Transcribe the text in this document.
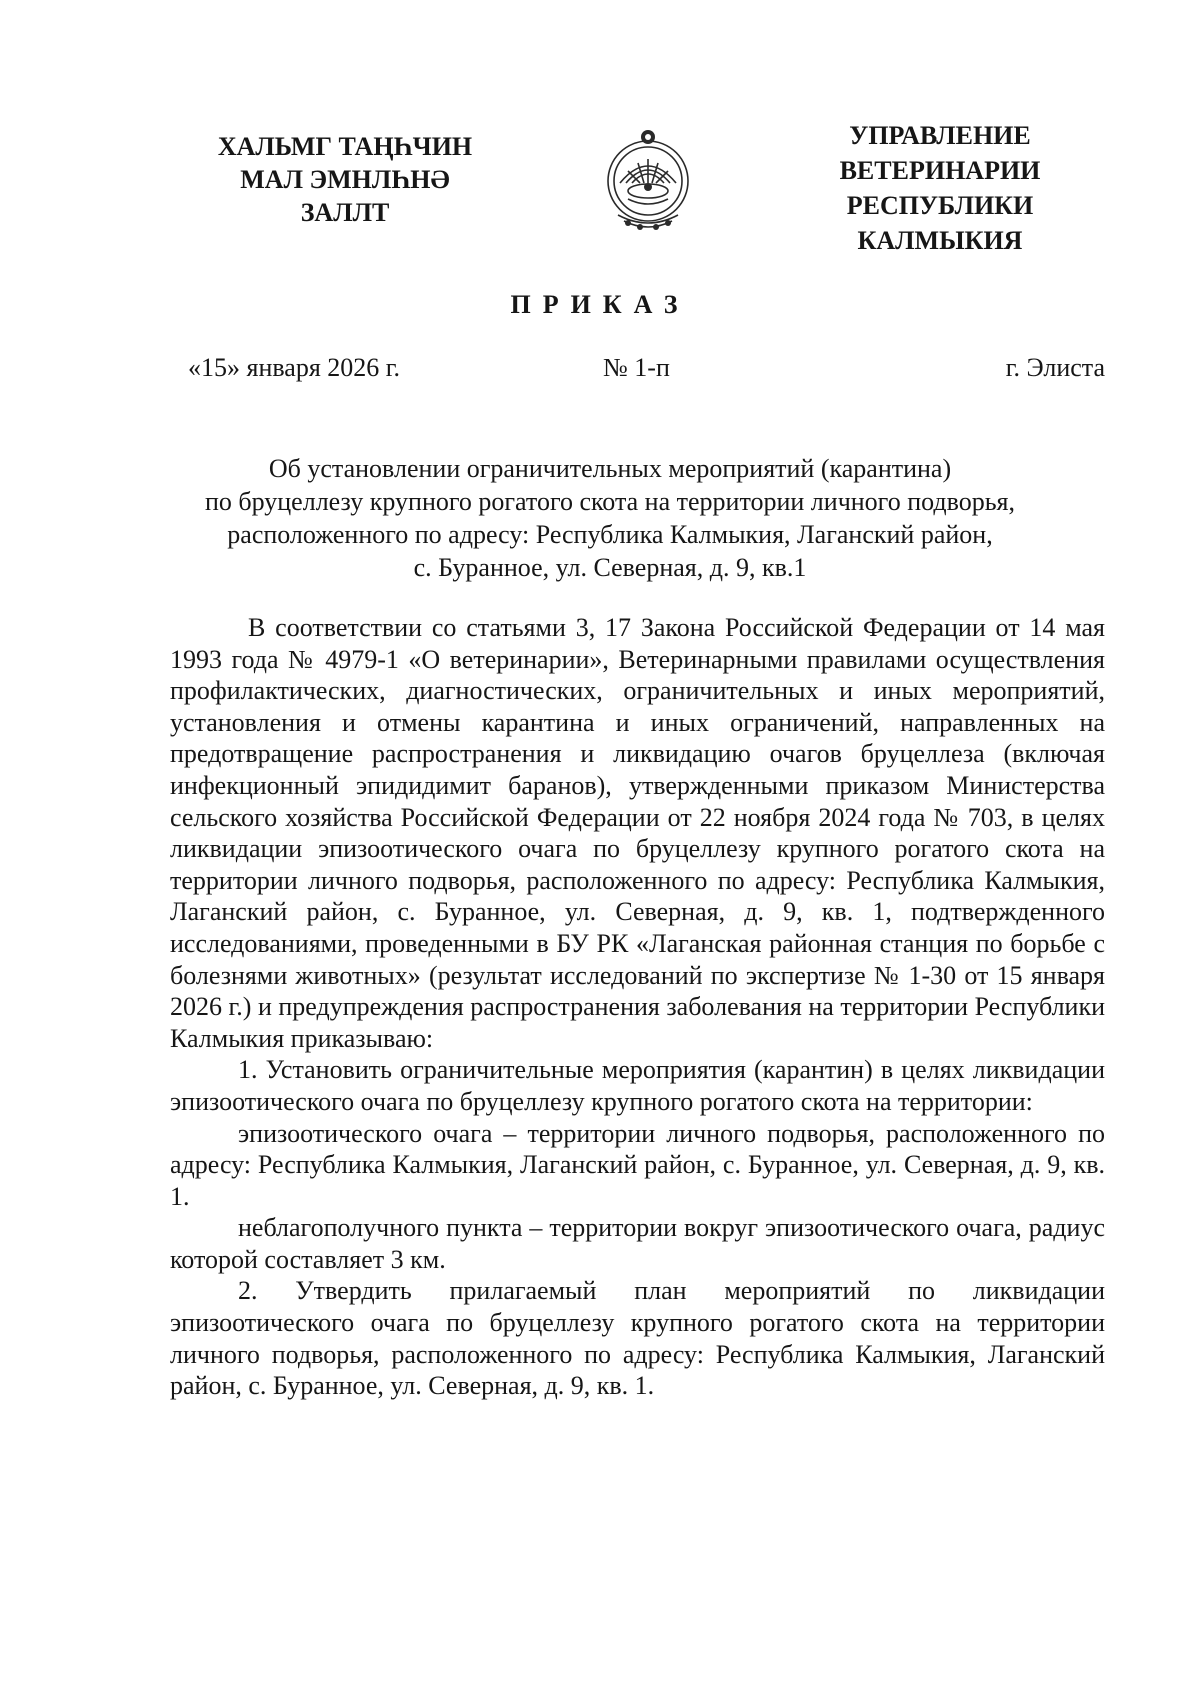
ХАЛЬМГ ТАҢҺЧИН
МАЛ ЭМНЛҺНӘ
ЗАЛЛТ
УПРАВЛЕНИЕ
ВЕТЕРИНАРИИ
РЕСПУБЛИКИ
КАЛМЫКИЯ
ПРИКАЗ
«15» января 2026 г.	№ 1-п	г. Элиста
Об установлении ограничительных мероприятий (карантина)
по бруцеллезу крупного рогатого скота на территории личного подворья,
расположенного по адресу: Республика Калмыкия, Лаганский район,
с. Буранное, ул. Северная, д. 9, кв.1

В соответствии со статьями 3, 17 Закона Российской Федерации от 14 мая 1993 года № 4979-1 «О ветеринарии», Ветеринарными правилами осуществления профилактических, диагностических, ограничительных и иных мероприятий, установления и отмены карантина и иных ограничений, направленных на предотвращение распространения и ликвидацию очагов бруцеллеза (включая инфекционный эпидидимит баранов), утвержденными приказом Министерства сельского хозяйства Российской Федерации от 22 ноября 2024 года № 703, в целях ликвидации эпизоотического очага по бруцеллезу крупного рогатого скота на территории личного подворья, расположенного по адресу: Республика Калмыкия, Лаганский район, с. Буранное, ул. Северная, д. 9, кв. 1, подтвержденного исследованиями, проведенными в БУ РК «Лаганская районная станция по борьбе с болезнями животных» (результат исследований по экспертизе № 1-30 от 15 января 2026 г.) и предупреждения распространения заболевания на территории Республики Калмыкия приказываю:

1. Установить ограничительные мероприятия (карантин) в целях ликвидации эпизоотического очага по бруцеллезу крупного рогатого скота на территории:

эпизоотического очага – территории личного подворья, расположенного по адресу: Республика Калмыкия, Лаганский район, с. Буранное, ул. Северная, д. 9, кв. 1.

неблагополучного пункта – территории вокруг эпизоотического очага, радиус которой составляет 3 км.

2. Утвердить прилагаемый план мероприятий по ликвидации эпизоотического очага по бруцеллезу крупного рогатого скота на территории личного подворья, расположенного по адресу: Республика Калмыкия, Лаганский район, с. Буранное, ул. Северная, д. 9, кв. 1.
